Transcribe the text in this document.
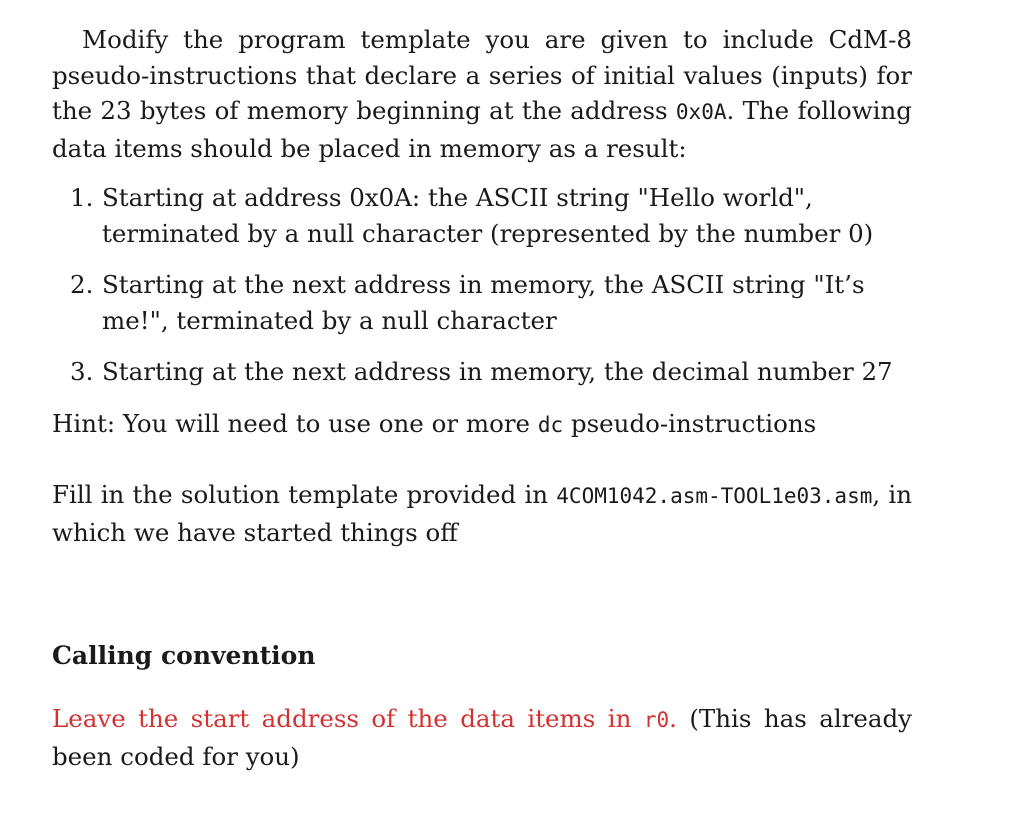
Modify the program template you are given to include CdM-8 pseudo-instructions that declare a series of initial values (inputs) for the 23 bytes of memory beginning at the address 0x0A. The following data items should be placed in memory as a result:

1. Starting at address 0x0A: the ASCII string "Hello world", terminated by a null character (represented by the number 0)
2. Starting at the next address in memory, the ASCII string "It’s me!", terminated by a null character
3. Starting at the next address in memory, the decimal number 27

Hint: You will need to use one or more dc pseudo-instructions

Fill in the solution template provided in 4COM1042.asm-TOOL1e03.asm, in which we have started things off

Calling convention

Leave the start address of the data items in r0. (This has already been coded for you)
